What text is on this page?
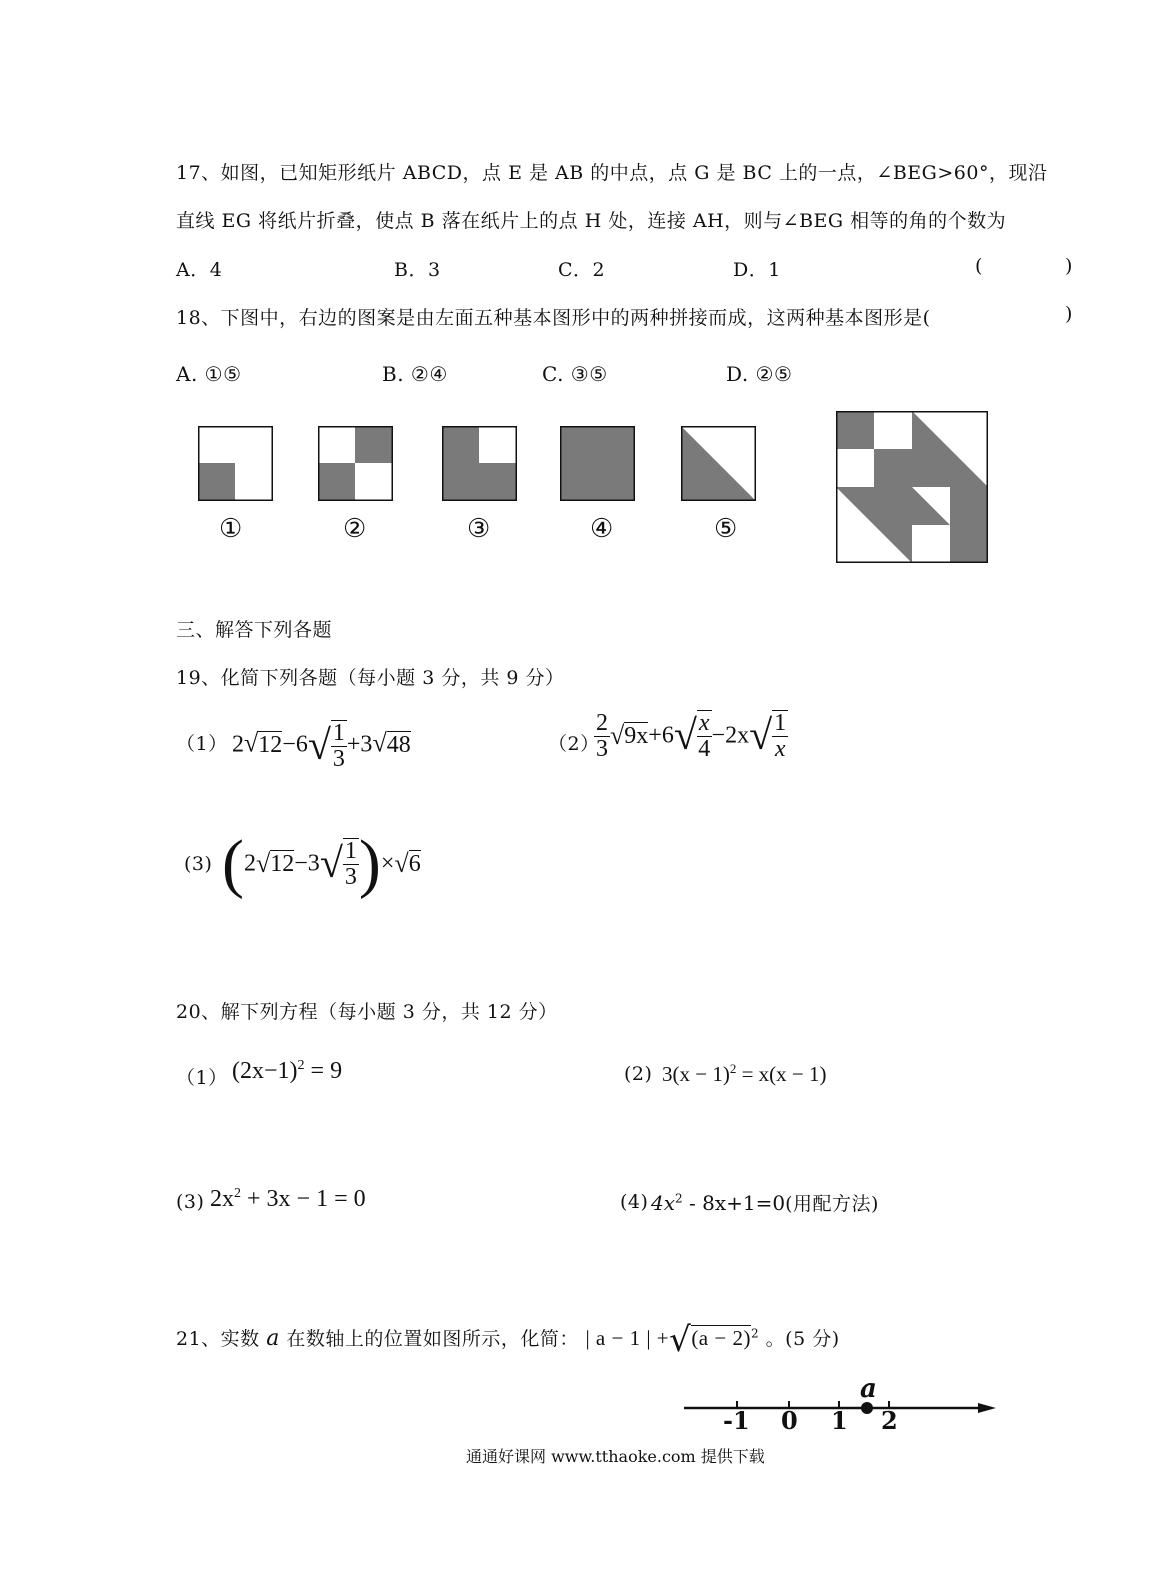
17、如图，已知矩形纸片 ABCD，点 E 是 AB 的中点，点 G 是 BC 上的一点，∠BEG>60°，现沿
直线 EG 将纸片折叠，使点 B 落在纸片上的点 H 处，连接 AH，则与∠BEG 相等的角的个数为
A．4	B．3	C．2	D．1	(	)
18、下图中，右边的图案是由左面五种基本图形中的两种拼接而成，这两种基本图形是(	)
A. ①⑤	B. ②④	C. ③⑤	D. ②⑤
①	②	③	④	⑤
三、解答下列各题
19、化简下列各题（每小题 3 分，共 9 分）
（1） $2√12-6√ \frac{1}{3} +3√48$	（2）
$\frac{2}{3} √9x+6√ \frac{x}{4} -2x√ \frac{1}{x}$
(3) $(2√12-3√ \frac{1}{3} )\times√6$
20、解下列方程（每小题 3 分，共 12 分）
（1） $(2x-1)^2 = 9$	(2) $3(x - 1)^2 = x(x - 1)$
(3) $2x^2 + 3x - 1 = 0$	(4) $4x^2 - 8x+1=0$(用配方法)
21、实数 a 在数轴上的位置如图所示，化简： | a − 1 | $+√(a - 2)^2$ 。(5 分)
-1 0 1 2
a
通通好课网 www.tthaoke.com 提供下载
